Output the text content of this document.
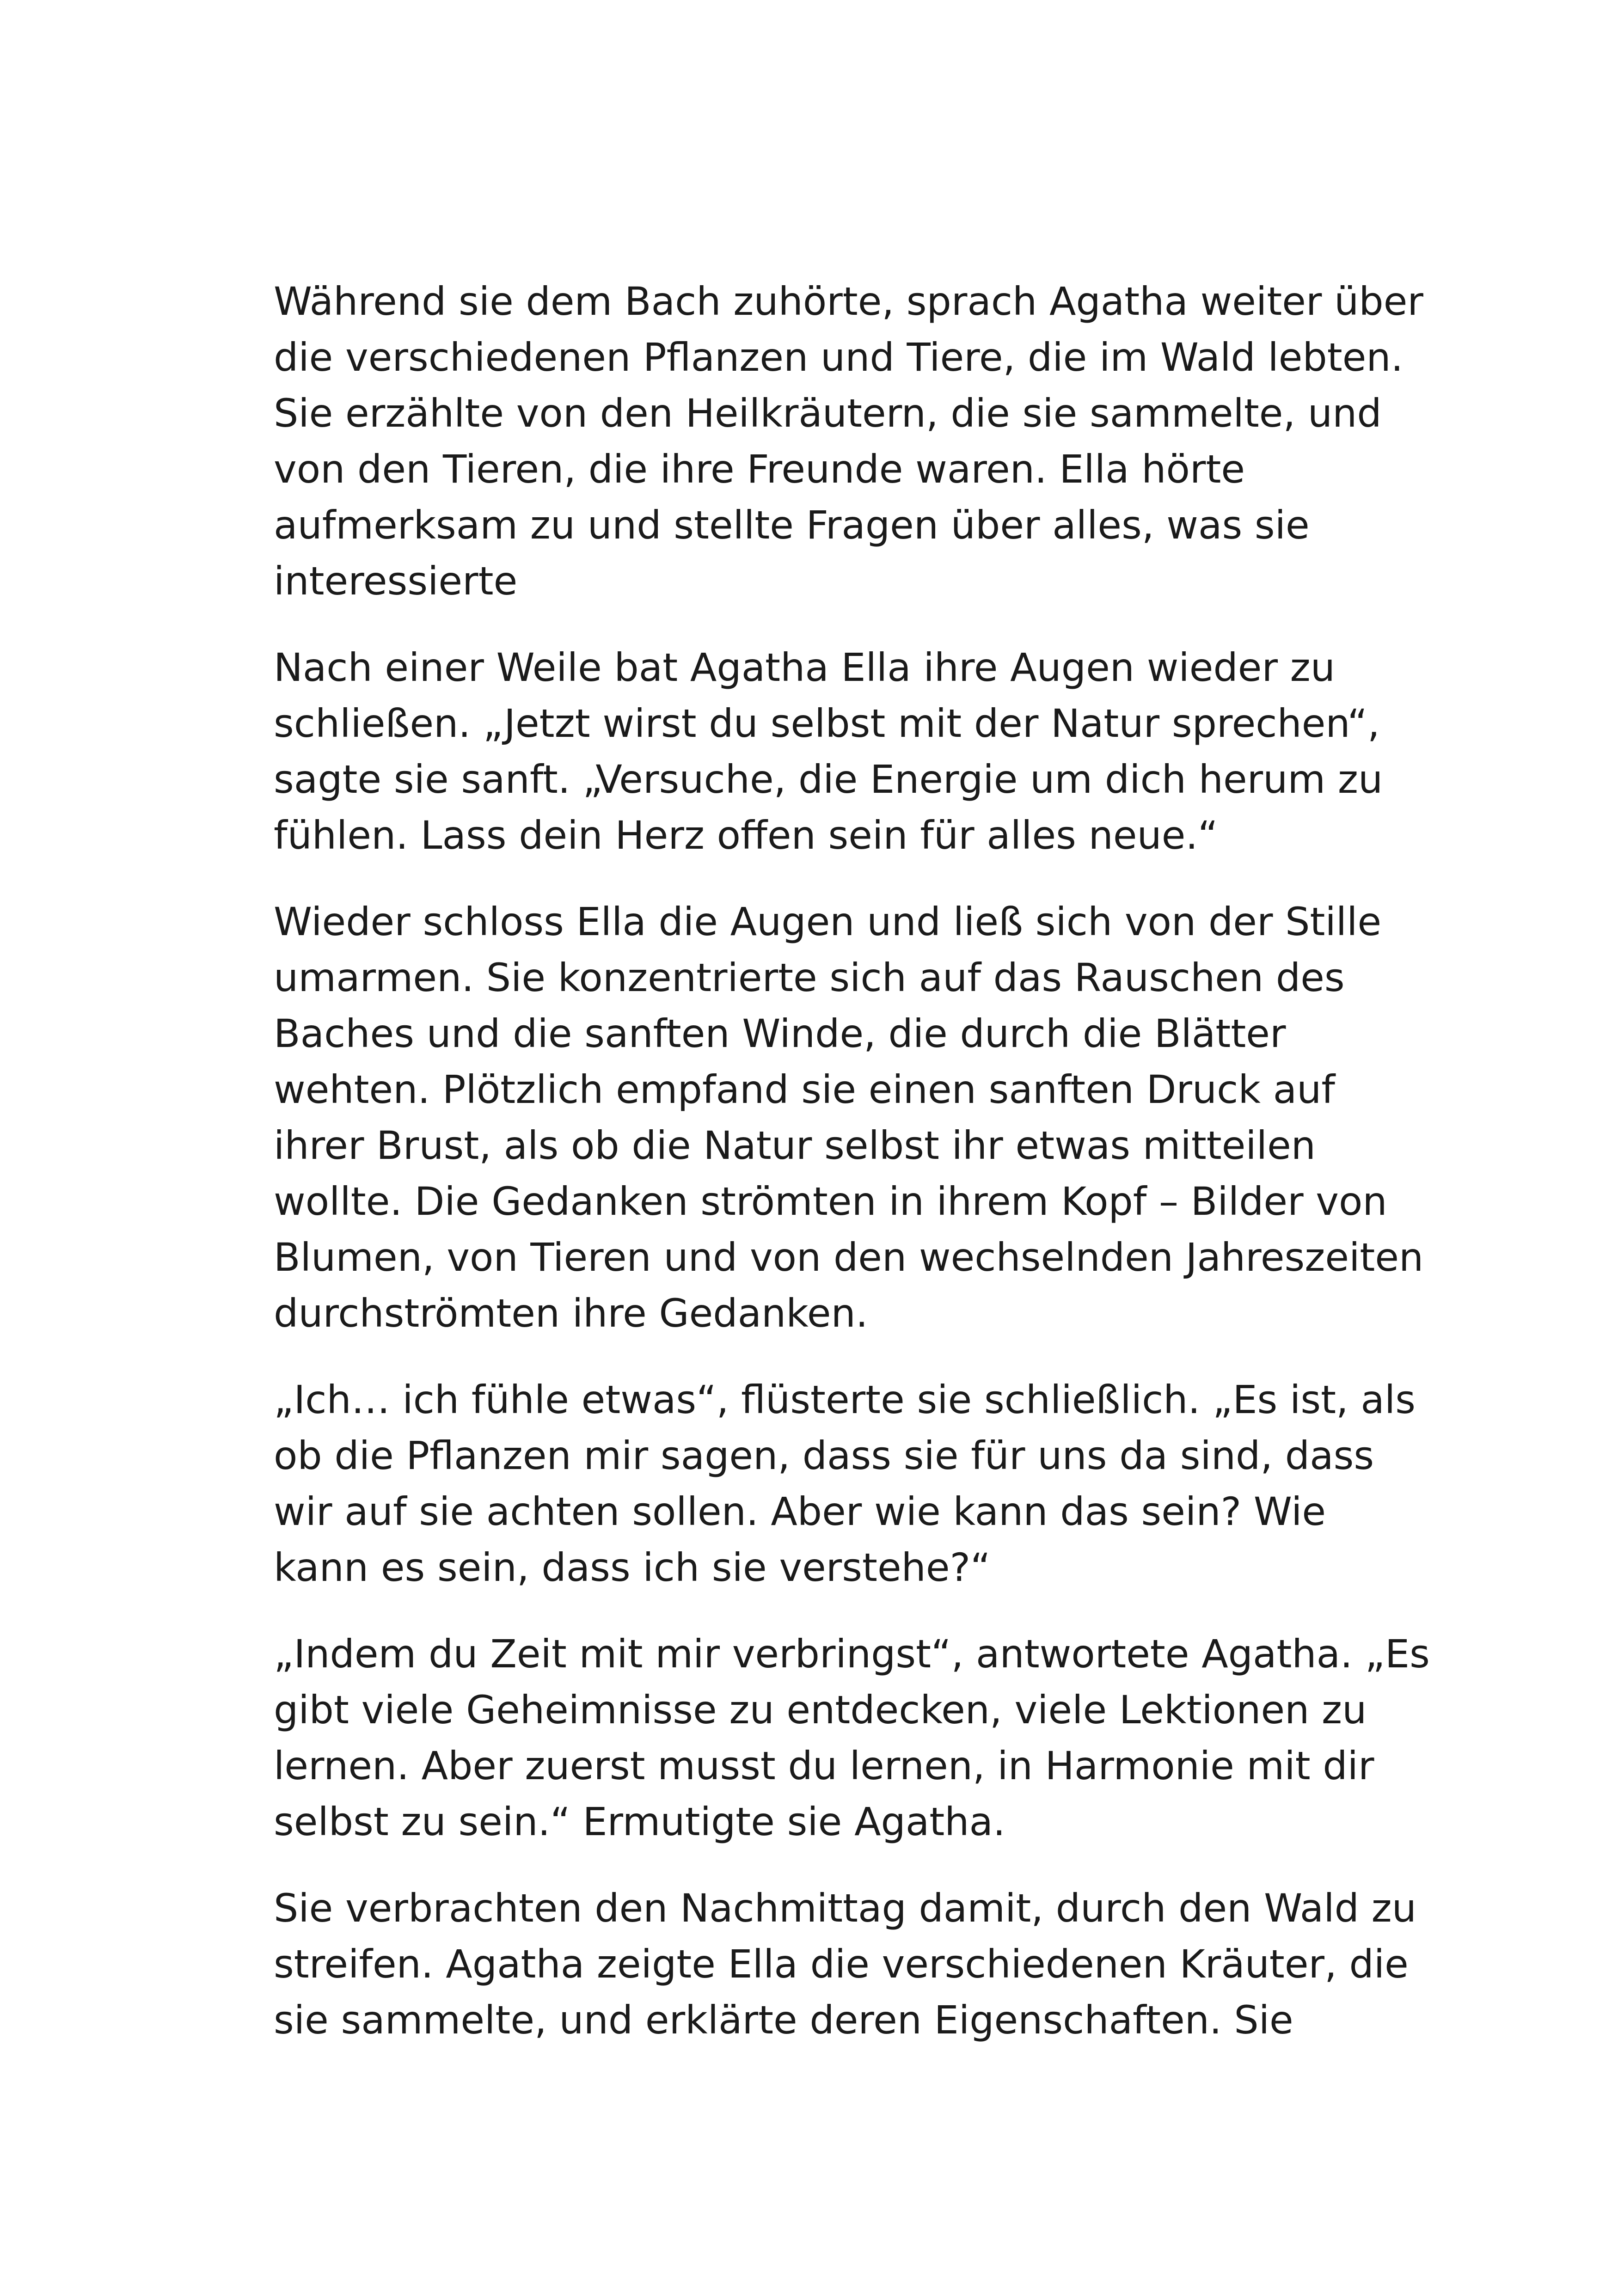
Während sie dem Bach zuhörte, sprach Agatha weiter über
die verschiedenen Pflanzen und Tiere, die im Wald lebten.
Sie erzählte von den Heilkräutern, die sie sammelte, und
von den Tieren, die ihre Freunde waren. Ella hörte
aufmerksam zu und stellte Fragen über alles, was sie
interessierte

Nach einer Weile bat Agatha Ella ihre Augen wieder zu
schließen. „Jetzt wirst du selbst mit der Natur sprechen“,
sagte sie sanft. „Versuche, die Energie um dich herum zu
fühlen. Lass dein Herz offen sein für alles neue.“

Wieder schloss Ella die Augen und ließ sich von der Stille
umarmen. Sie konzentrierte sich auf das Rauschen des
Baches und die sanften Winde, die durch die Blätter
wehten. Plötzlich empfand sie einen sanften Druck auf
ihrer Brust, als ob die Natur selbst ihr etwas mitteilen
wollte. Die Gedanken strömten in ihrem Kopf – Bilder von
Blumen, von Tieren und von den wechselnden Jahreszeiten
durchströmten ihre Gedanken.

„Ich… ich fühle etwas“, flüsterte sie schließlich. „Es ist, als
ob die Pflanzen mir sagen, dass sie für uns da sind, dass
wir auf sie achten sollen. Aber wie kann das sein? Wie
kann es sein, dass ich sie verstehe?“

„Indem du Zeit mit mir verbringst“, antwortete Agatha. „Es
gibt viele Geheimnisse zu entdecken, viele Lektionen zu
lernen. Aber zuerst musst du lernen, in Harmonie mit dir
selbst zu sein.“ Ermutigte sie Agatha.

Sie verbrachten den Nachmittag damit, durch den Wald zu
streifen. Agatha zeigte Ella die verschiedenen Kräuter, die
sie sammelte, und erklärte deren Eigenschaften. Sie
